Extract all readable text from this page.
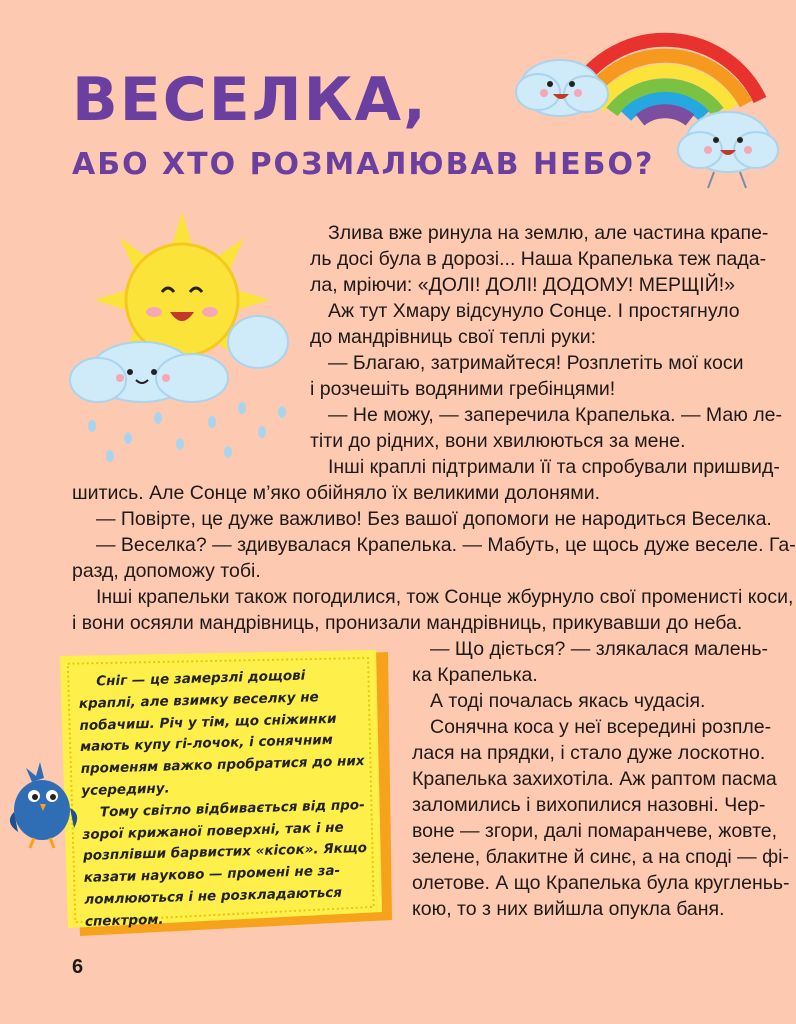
ВЕСЕЛКА,
АБО ХТО РОЗМАЛЮВАВ НЕБО?

Злива вже ринула на землю, але частина крапе-

ль досі була в дорозі... Наша Крапелька теж пада-

ла, мріючи: «ДОЛІ! ДОЛІ! ДОДОМУ! МЕРЩІЙ!»

Аж тут Хмару відсунуло Сонце. І простягнуло

до мандрівниць свої теплі руки:

— Благаю, затримайтеся! Розплетіть мої коси

і розчешіть водяними гребінцями!

— Не можу, — заперечила Крапелька. — Маю ле-

тіти до рідних, вони хвилюються за мене.

Інші краплі підтримали її та спробували пришвид-

шитись. Але Сонце м’яко обійняло їх великими долонями.

— Повірте, це дуже важливо! Без вашої допомоги не народиться Веселка.

— Веселка? — здивувалася Крапелька. — Мабуть, це щось дуже веселе. Га-

разд, допоможу тобі.

Інші крапельки також погодилися, тож Сонце жбурнуло свої променисті коси,

і вони осяяли мандрівниць, пронизали мандрівниць, прикувавши до неба.

— Що діється? — злякалася малень-

ка Крапелька.

А тоді почалась якась чудасія.

Сонячна коса у неї всередині розпле-

лася на прядки, і стало дуже лоскотно.

Крапелька захихотіла. Аж раптом пасма

заломились і вихопилися назовні. Чер-

воне — згори, далі помаранчеве, жовте,

зелене, блакитне й синє, а на споді — фі-

олетове. А що Крапелька була кругленьь-

кою, то з них вийшла опукла баня.

Сніг — це замерзлі дощові краплі, але взимку веселку не побачиш. Річ у тім, що сніжинки мають купу гі-лочок, і сонячним променям важко пробратися до них усередину.

Тому світло відбивається від про-зорої крижаної поверхні, так і не розплівши барвистих «кісок». Якщо казати науково — промені не за-ломлюються і не розкладаються спектром.

6
